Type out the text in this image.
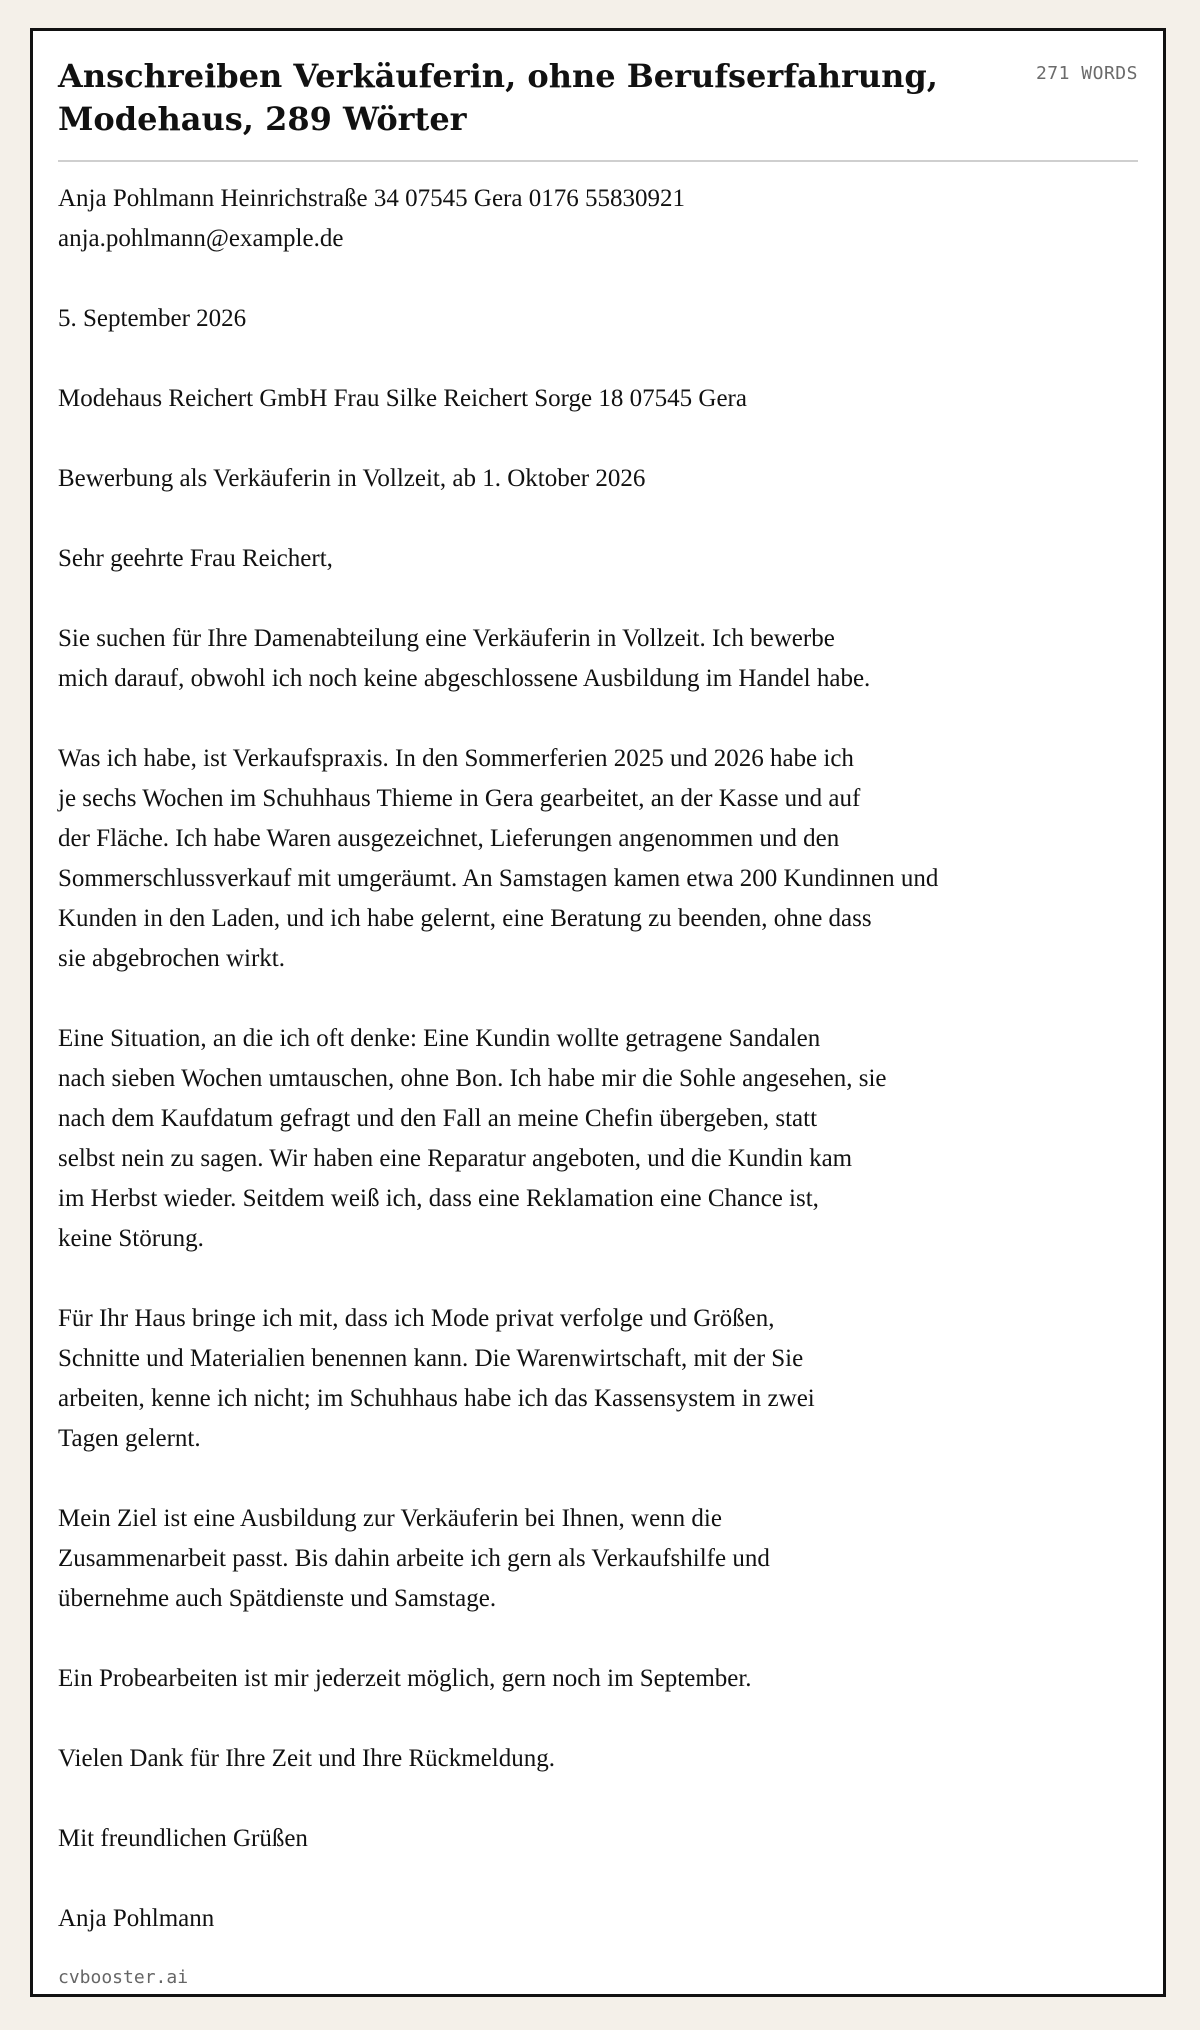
Anschreiben Verkäuferin, ohne Berufserfahrung, Modehaus, 289 Wörter
271 WORDS

Anja Pohlmann Heinrichstraße 34 07545 Gera 0176 55830921
anja.pohlmann@example.de

5. September 2026

Modehaus Reichert GmbH Frau Silke Reichert Sorge 18 07545 Gera

Bewerbung als Verkäuferin in Vollzeit, ab 1. Oktober 2026

Sehr geehrte Frau Reichert,

Sie suchen für Ihre Damenabteilung eine Verkäuferin in Vollzeit. Ich bewerbe
mich darauf, obwohl ich noch keine abgeschlossene Ausbildung im Handel habe.

Was ich habe, ist Verkaufspraxis. In den Sommerferien 2025 und 2026 habe ich
je sechs Wochen im Schuhhaus Thieme in Gera gearbeitet, an der Kasse und auf
der Fläche. Ich habe Waren ausgezeichnet, Lieferungen angenommen und den
Sommerschlussverkauf mit umgeräumt. An Samstagen kamen etwa 200 Kundinnen und
Kunden in den Laden, und ich habe gelernt, eine Beratung zu beenden, ohne dass
sie abgebrochen wirkt.

Eine Situation, an die ich oft denke: Eine Kundin wollte getragene Sandalen
nach sieben Wochen umtauschen, ohne Bon. Ich habe mir die Sohle angesehen, sie
nach dem Kaufdatum gefragt und den Fall an meine Chefin übergeben, statt
selbst nein zu sagen. Wir haben eine Reparatur angeboten, und die Kundin kam
im Herbst wieder. Seitdem weiß ich, dass eine Reklamation eine Chance ist,
keine Störung.

Für Ihr Haus bringe ich mit, dass ich Mode privat verfolge und Größen,
Schnitte und Materialien benennen kann. Die Warenwirtschaft, mit der Sie
arbeiten, kenne ich nicht; im Schuhhaus habe ich das Kassensystem in zwei
Tagen gelernt.

Mein Ziel ist eine Ausbildung zur Verkäuferin bei Ihnen, wenn die
Zusammenarbeit passt. Bis dahin arbeite ich gern als Verkaufshilfe und
übernehme auch Spätdienste und Samstage.

Ein Probearbeiten ist mir jederzeit möglich, gern noch im September.

Vielen Dank für Ihre Zeit und Ihre Rückmeldung.

Mit freundlichen Grüßen

Anja Pohlmann

cvbooster.ai
